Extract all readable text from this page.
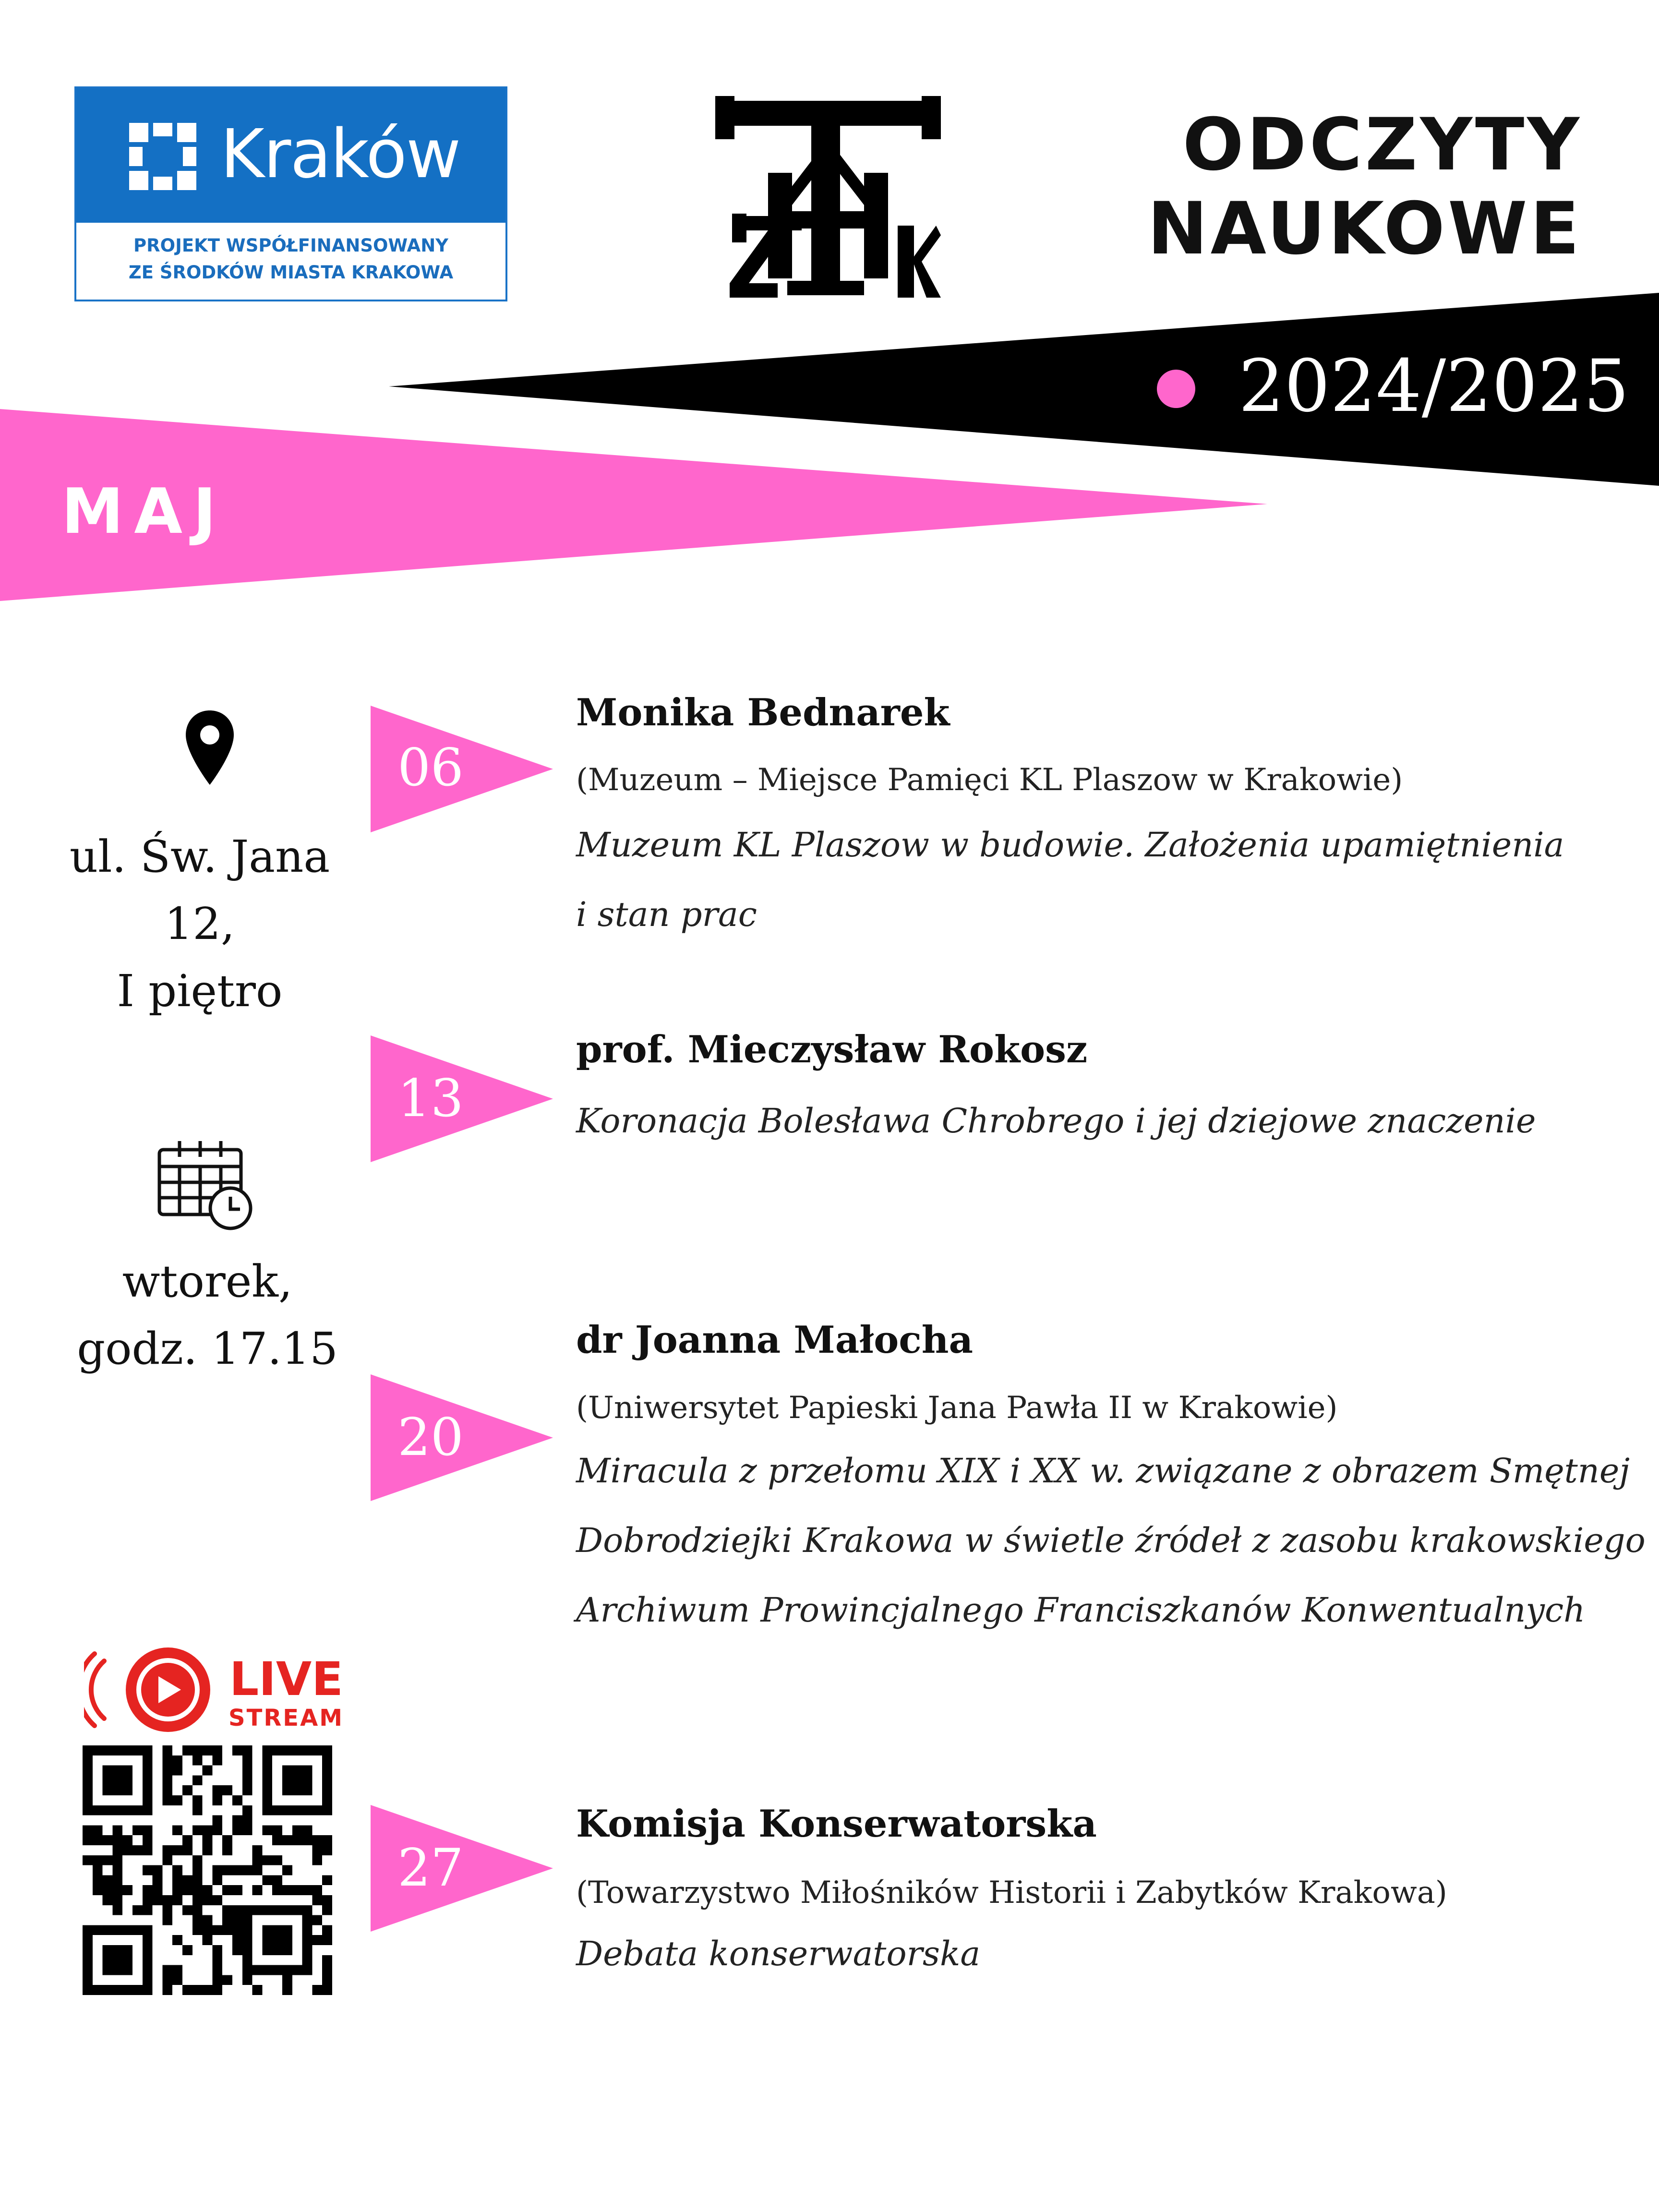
Kraków
PROJEKT WSPÓŁFINANSOWANY
ZE ŚRODKÓW MIASTA KRAKOWA
ODCZYTY
NAUKOWE
2024/2025
MAJ
ul. Św. Jana 12,
I piętro
wtorek,
godz. 17.15
06
Monika Bednarek
(Muzeum – Miejsce Pamięci KL Plaszow w Krakowie)
Muzeum KL Plaszow w budowie. Założenia upamiętnienia
i stan prac
13
prof. Mieczysław Rokosz
Koronacja Bolesława Chrobrego i jej dziejowe znaczenie
20
dr Joanna Małocha
(Uniwersytet Papieski Jana Pawła II w Krakowie)
Miracula z przełomu XIX i XX w. związane z obrazem Smętnej
Dobrodziejki Krakowa w świetle źródeł z zasobu krakowskiego
Archiwum Prowincjalnego Franciszkanów Konwentualnych
27
Komisja Konserwatorska
(Towarzystwo Miłośników Historii i Zabytków Krakowa)
Debata konserwatorska
LIVE
STREAM
